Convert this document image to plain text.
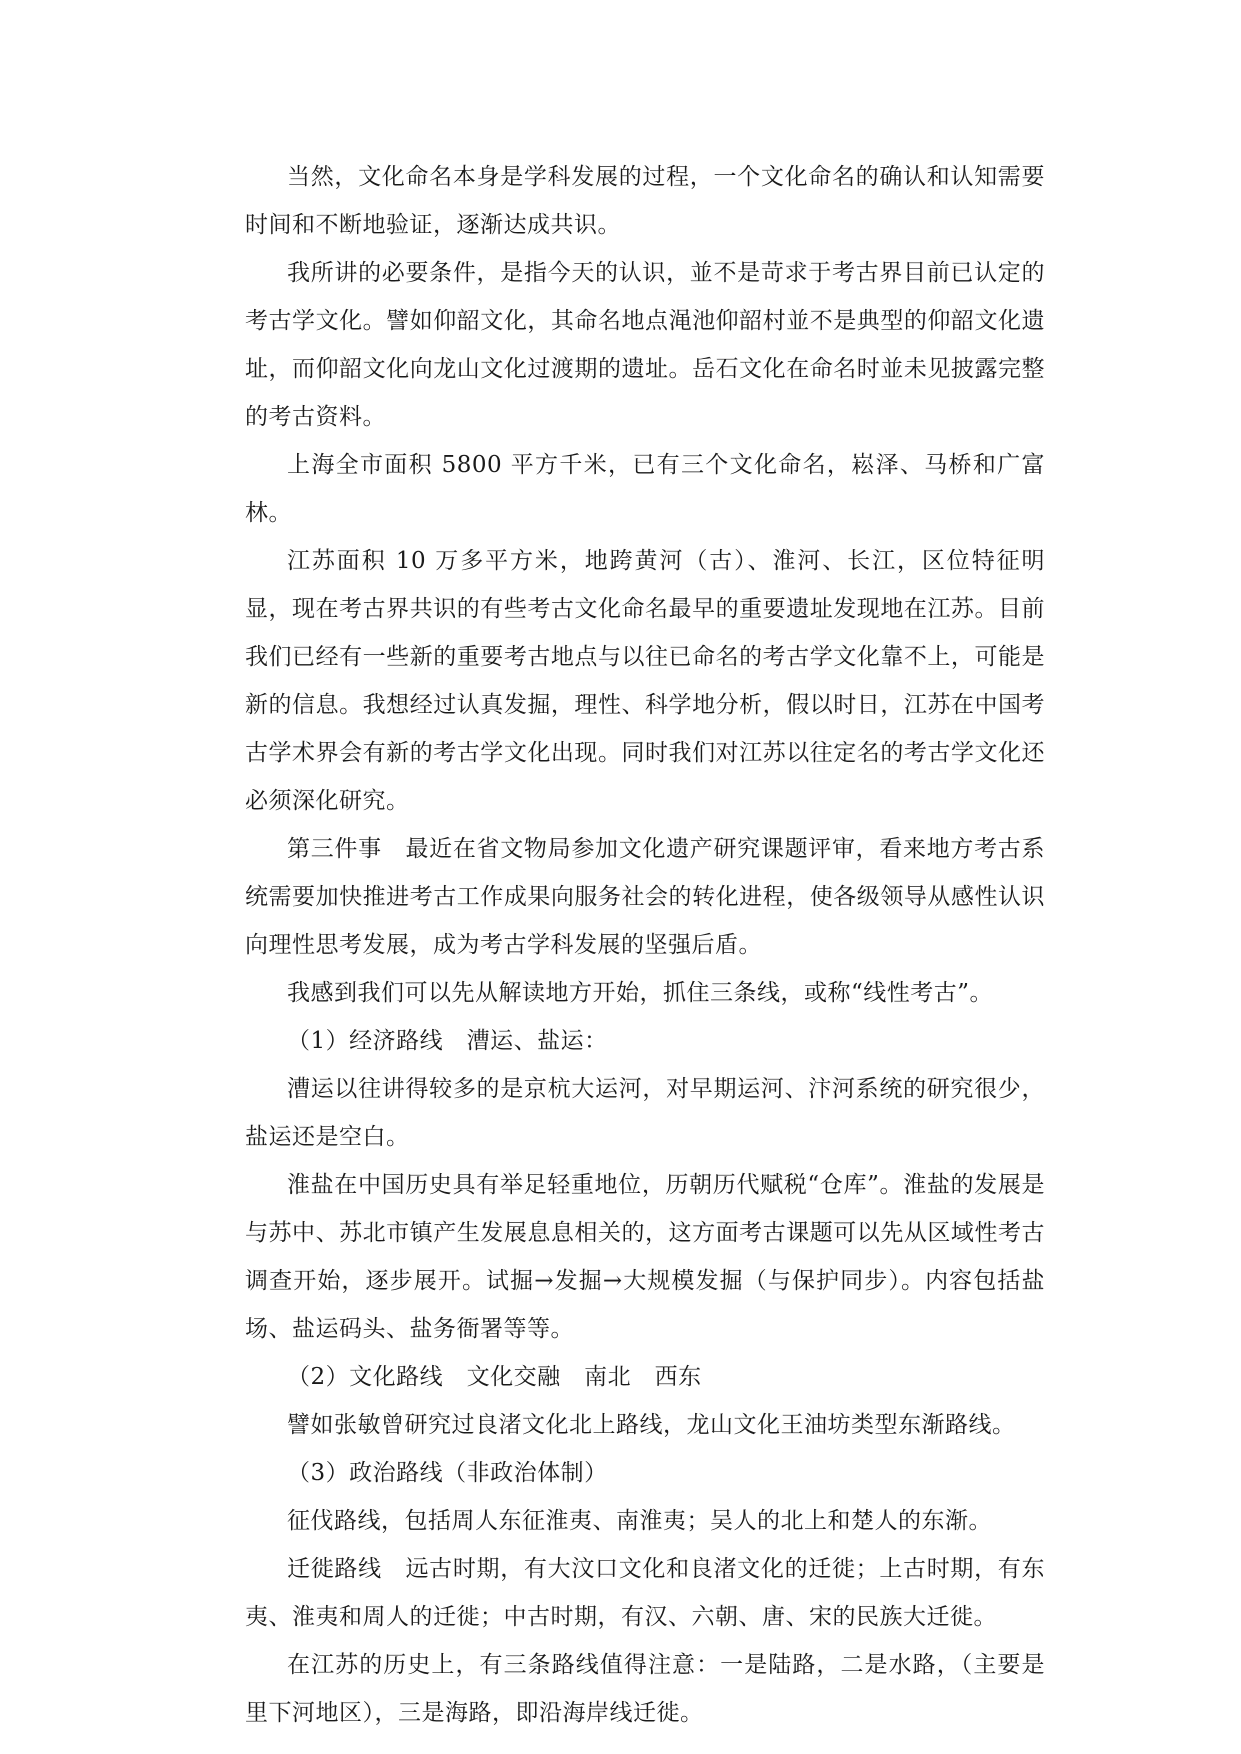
当然，文化命名本身是学科发展的过程，一个文化命名的确认和认知需要时间和不断地验证，逐渐达成共识。

我所讲的必要条件，是指今天的认识，並不是苛求于考古界目前已认定的考古学文化。譬如仰韶文化，其命名地点渑池仰韶村並不是典型的仰韶文化遗址，而仰韶文化向龙山文化过渡期的遗址。岳石文化在命名时並未见披露完整的考古资料。

上海全市面积 5800 平方千米，已有三个文化命名，崧泽、马桥和广富林。

江苏面积 10 万多平方米，地跨黄河（古）、淮河、长江，区位特征明显，现在考古界共识的有些考古文化命名最早的重要遗址发现地在江苏。目前我们已经有一些新的重要考古地点与以往已命名的考古学文化靠不上，可能是新的信息。我想经过认真发掘，理性、科学地分析，假以时日，江苏在中国考古学术界会有新的考古学文化出现。同时我们对江苏以往定名的考古学文化还必须深化研究。

第三件事　最近在省文物局参加文化遗产研究课题评审，看来地方考古系统需要加快推进考古工作成果向服务社会的转化进程，使各级领导从感性认识向理性思考发展，成为考古学科发展的坚强后盾。

我感到我们可以先从解读地方开始，抓住三条线，或称“线性考古”。

（1）经济路线　漕运、盐运：

漕运以往讲得较多的是京杭大运河，对早期运河、汴河系统的研究很少，盐运还是空白。

淮盐在中国历史具有举足轻重地位，历朝历代赋税“仓库”。淮盐的发展是与苏中、苏北市镇产生发展息息相关的，这方面考古课题可以先从区域性考古调查开始，逐步展开。试掘→发掘→大规模发掘（与保护同步）。内容包括盐场、盐运码头、盐务衙署等等。

（2）文化路线　文化交融　南北　西东

譬如张敏曾研究过良渚文化北上路线，龙山文化王油坊类型东渐路线。

（3）政治路线（非政治体制）

征伐路线，包括周人东征淮夷、南淮夷；吴人的北上和楚人的东渐。

迁徙路线　远古时期，有大汶口文化和良渚文化的迁徙；上古时期，有东夷、淮夷和周人的迁徙；中古时期，有汉、六朝、唐、宋的民族大迁徙。

在江苏的历史上，有三条路线值得注意：一是陆路，二是水路，（主要是里下河地区），三是海路，即沿海岸线迁徙。
